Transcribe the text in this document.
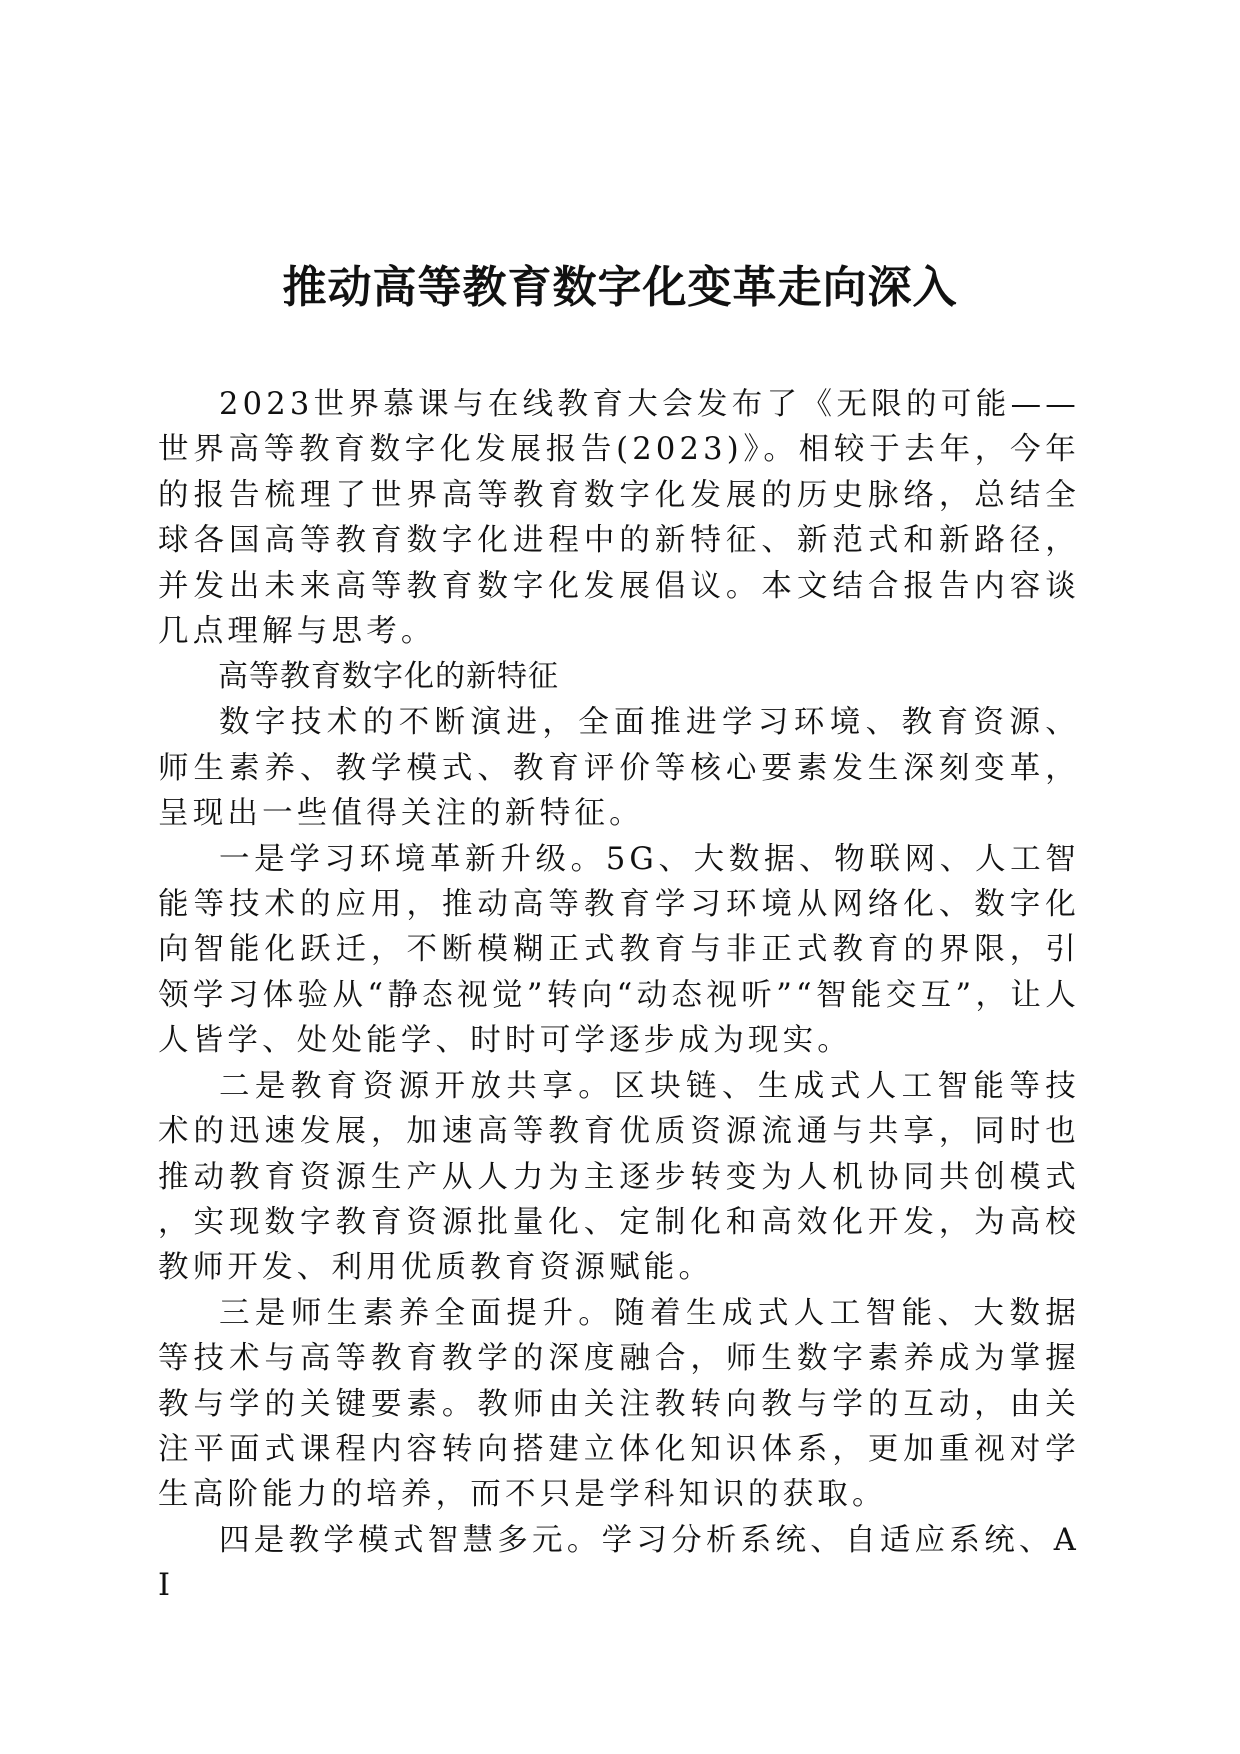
推动高等教育数字化变革走向深入

2023世界慕课与在线教育大会发布了《无限的可能——世界高等教育数字化发展报告(2023)》。相较于去年，今年的报告梳理了世界高等教育数字化发展的历史脉络，总结全球各国高等教育数字化进程中的新特征、新范式和新路径，并发出未来高等教育数字化发展倡议。本文结合报告内容谈几点理解与思考。

高等教育数字化的新特征

数字技术的不断演进，全面推进学习环境、教育资源、师生素养、教学模式、教育评价等核心要素发生深刻变革，呈现出一些值得关注的新特征。

一是学习环境革新升级。5G、大数据、物联网、人工智能等技术的应用，推动高等教育学习环境从网络化、数字化向智能化跃迁，不断模糊正式教育与非正式教育的界限，引领学习体验从“静态视觉”转向“动态视听”“智能交互”，让人人皆学、处处能学、时时可学逐步成为现实。

二是教育资源开放共享。区块链、生成式人工智能等技术的迅速发展，加速高等教育优质资源流通与共享，同时也推动教育资源生产从人力为主逐步转变为人机协同共创模式，实现数字教育资源批量化、定制化和高效化开发，为高校教师开发、利用优质教育资源赋能。

三是师生素养全面提升。随着生成式人工智能、大数据等技术与高等教育教学的深度融合，师生数字素养成为掌握教与学的关键要素。教师由关注教转向教与学的互动，由关注平面式课程内容转向搭建立体化知识体系，更加重视对学生高阶能力的培养，而不只是学科知识的获取。

四是教学模式智慧多元。学习分析系统、自适应系统、AI
